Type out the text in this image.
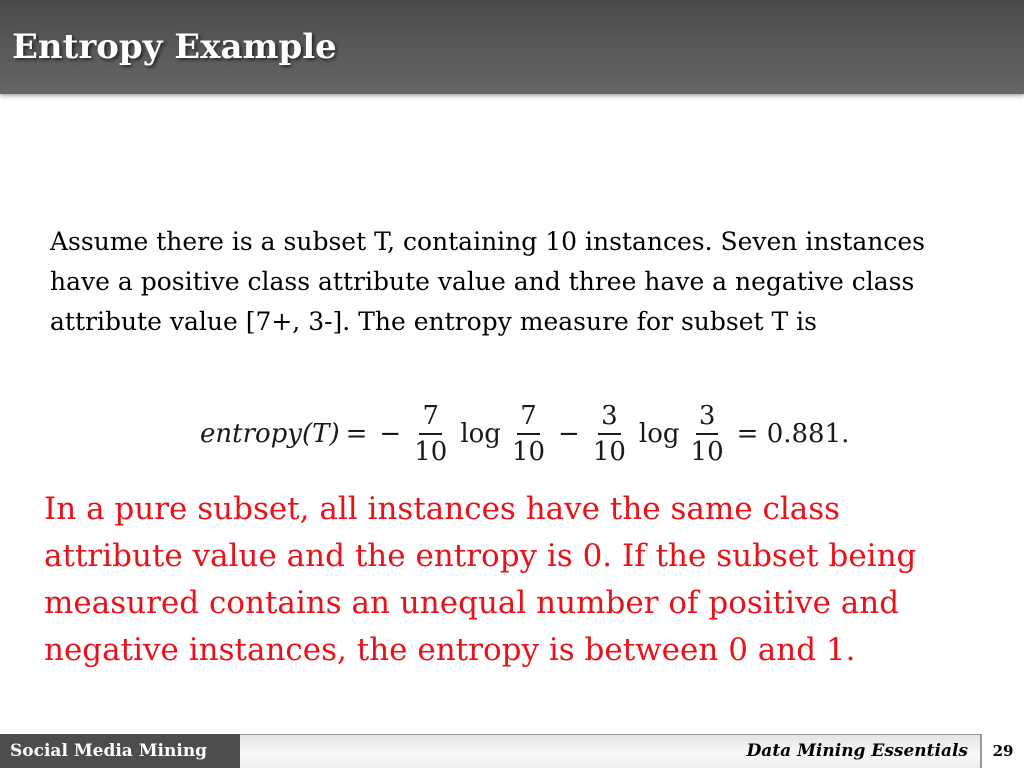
Entropy Example

Assume there is a subset T, containing 10 instances. Seven instances have a positive class attribute value and three have a negative class attribute value [7+, 3-]. The entropy measure for subset T is

entropy(T) = − $\frac{7}{10}$ $\log \frac{7}{10} - \frac{3}{10}$ $\log \frac{3}{10} = 0.881$.

In a pure subset, all instances have the same class attribute value and the entropy is 0. If the subset being measured contains an unequal number of positive and negative instances, the entropy is between 0 and 1.

Social Media Mining	Data Mining Essentials	29
